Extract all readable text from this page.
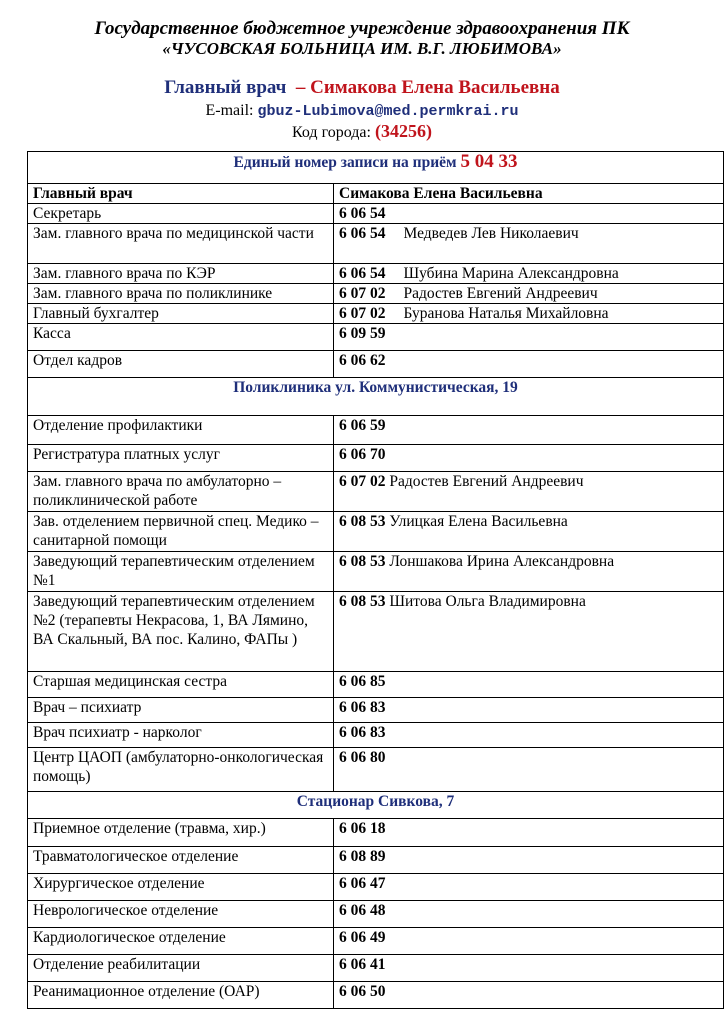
Государственное бюджетное учреждение здравоохранения ПК
«ЧУСОВСКАЯ БОЛЬНИЦА ИМ. В.Г. ЛЮБИМОВА»
Главный врач – Симакова Елена Васильевна
E-mail: gbuz-Lubimova@med.permkrai.ru
Код города: (34256)
Единый номер записи на приём 5 04 33	
Главный врач	Симакова Елена Васильевна
Секретарь	6 06 54
Зам. главного врача по медицинской части	6 06 54 Медведев Лев Николаевич
Зам. главного врача по КЭР	6 06 54 Шубина Марина Александровна
Зам. главного врача по поликлинике	6 07 02 Радостев Евгений Андреевич
Главный бухгалтер	6 07 02 Буранова Наталья Михайловна
Касса	6 09 59
Отдел кадров	6 06 62
Поликлиника ул. Коммунистическая, 19	
Отделение профилактики	6 06 59
Регистратура платных услуг	6 06 70
Зам. главного врача по амбулаторно – поликлинической работе	6 07 02 Радостев Евгений Андреевич
Зав. отделением первичной спец. Медико – санитарной помощи	6 08 53 Улицкая Елена Васильевна
Заведующий терапевтическим отделением №1	6 08 53 Лоншакова Ирина Александровна
Заведующий терапевтическим отделением №2 (терапевты Некрасова, 1, ВА Лямино, ВА Скальный, ВА пос. Калино, ФАПы )	6 08 53 Шитова Ольга Владимировна
Старшая медицинская сестра	6 06 85
Врач – психиатр	6 06 83
Врач психиатр - нарколог	6 06 83
Центр ЦАОП (амбулаторно-онкологическая помощь)	6 06 80
Стационар Сивкова, 7	
Приемное отделение (травма, хир.)	6 06 18
Травматологическое отделение	6 08 89
Хирургическое отделение	6 06 47
Неврологическое отделение	6 06 48
Кардиологическое отделение	6 06 49
Отделение реабилитации	6 06 41
Реанимационное отделение (ОАР)	6 06 50
